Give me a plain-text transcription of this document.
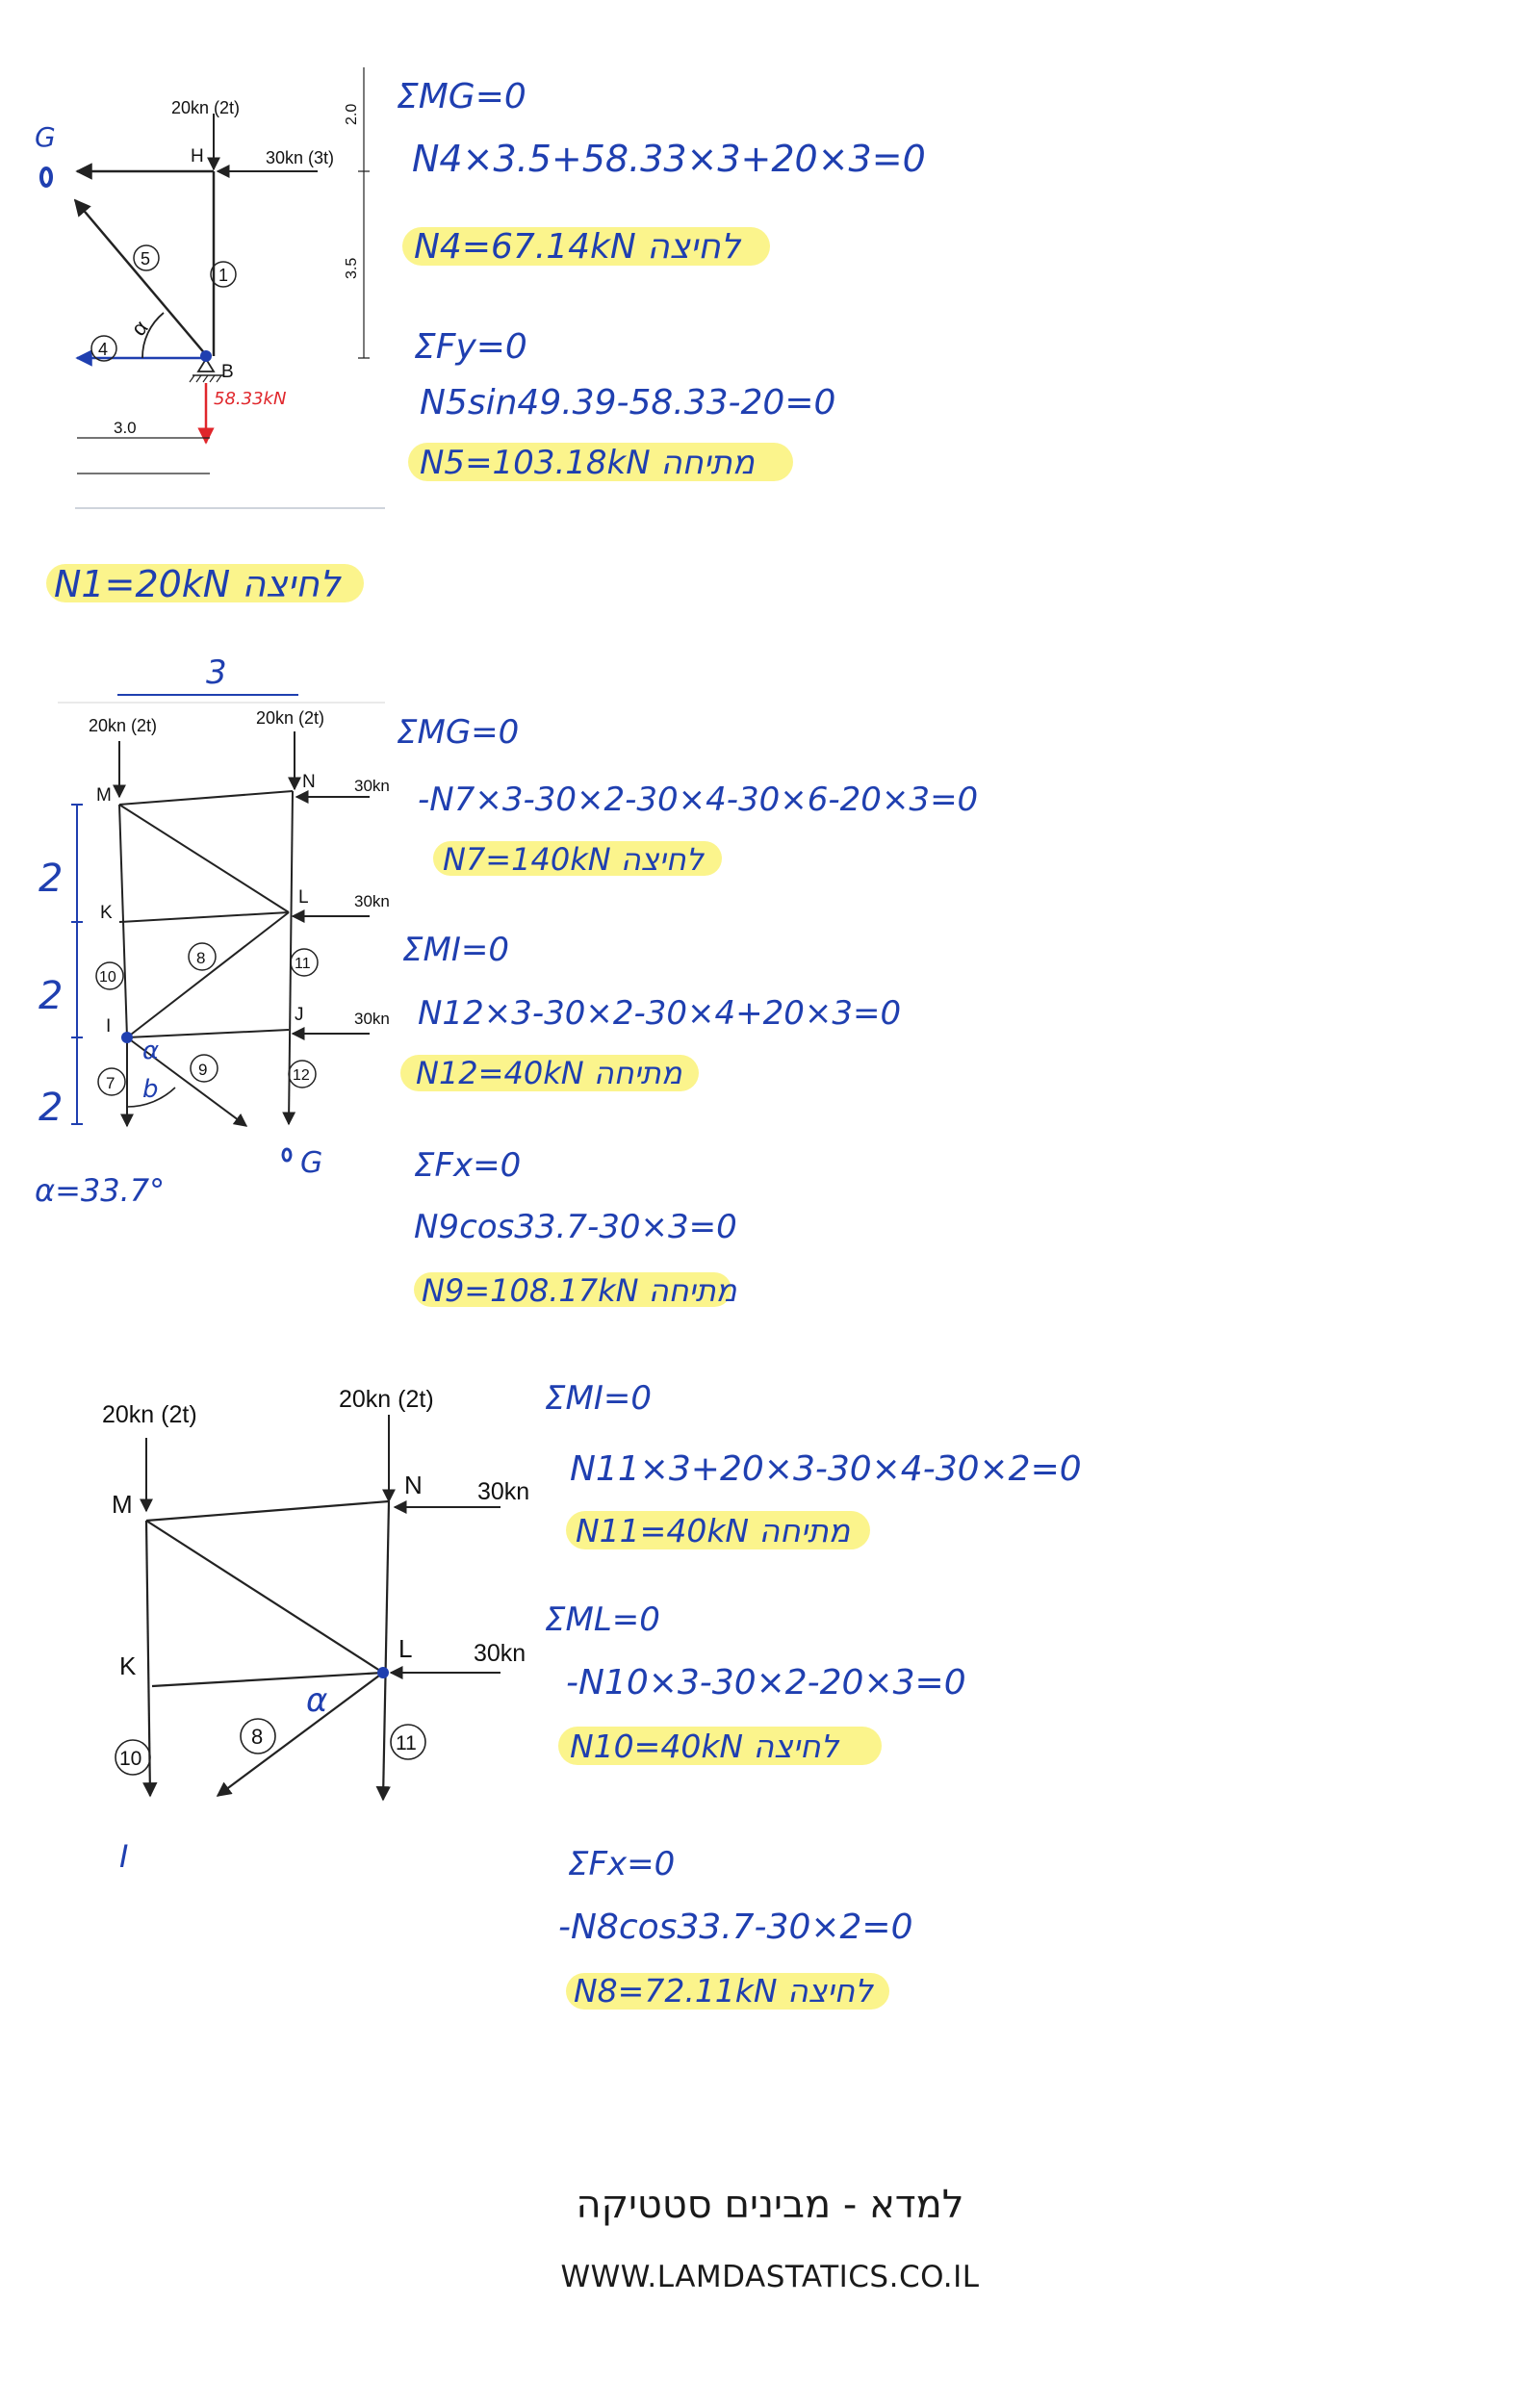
58.33kN
G
5
1
4
α
20kn (2t)
30kn (3t)
H
B
2.0
3.5
3.0
ΣMG=0
N4×3.5+58.33×3+20×3=0
N4=67.14kN לחיצה
ΣFy=0
N5sin49.39-58.33-20=0
N5=103.18kN מתיחה
N1=20kN לחיצה
3
20kn (2t)	20kn (2t)
30kn
30kn
30kn
M
N
K
L
I
J
G
10
8	11
7
9	12
α
b
2
2
2
α=33.7°
ΣMG=0
-N7×3-30×2-30×4-30×6-20×3=0
N7=140kN לחיצה
ΣMI=0
N12×3-30×2-30×4+20×3=0
N12=40kN מתיחה
ΣFx=0
N9cos33.7-30×3=0
N9=108.17kN מתיחה
20kn (2t)
20kn (2t)
30kn
30kn
M
N
K
L
I
10
8	11
α
ΣMI=0
N11×3+20×3-30×4-30×2=0
N11=40kN מתיחה
ΣML=0
-N10×3-30×2-20×3=0
N10=40kN לחיצה
ΣFx=0
-N8cos33.7-30×2=0
N8=72.11kN לחיצה
למדא - מבינים סטטיקה
WWW.LAMDASTATICS.CO.IL
